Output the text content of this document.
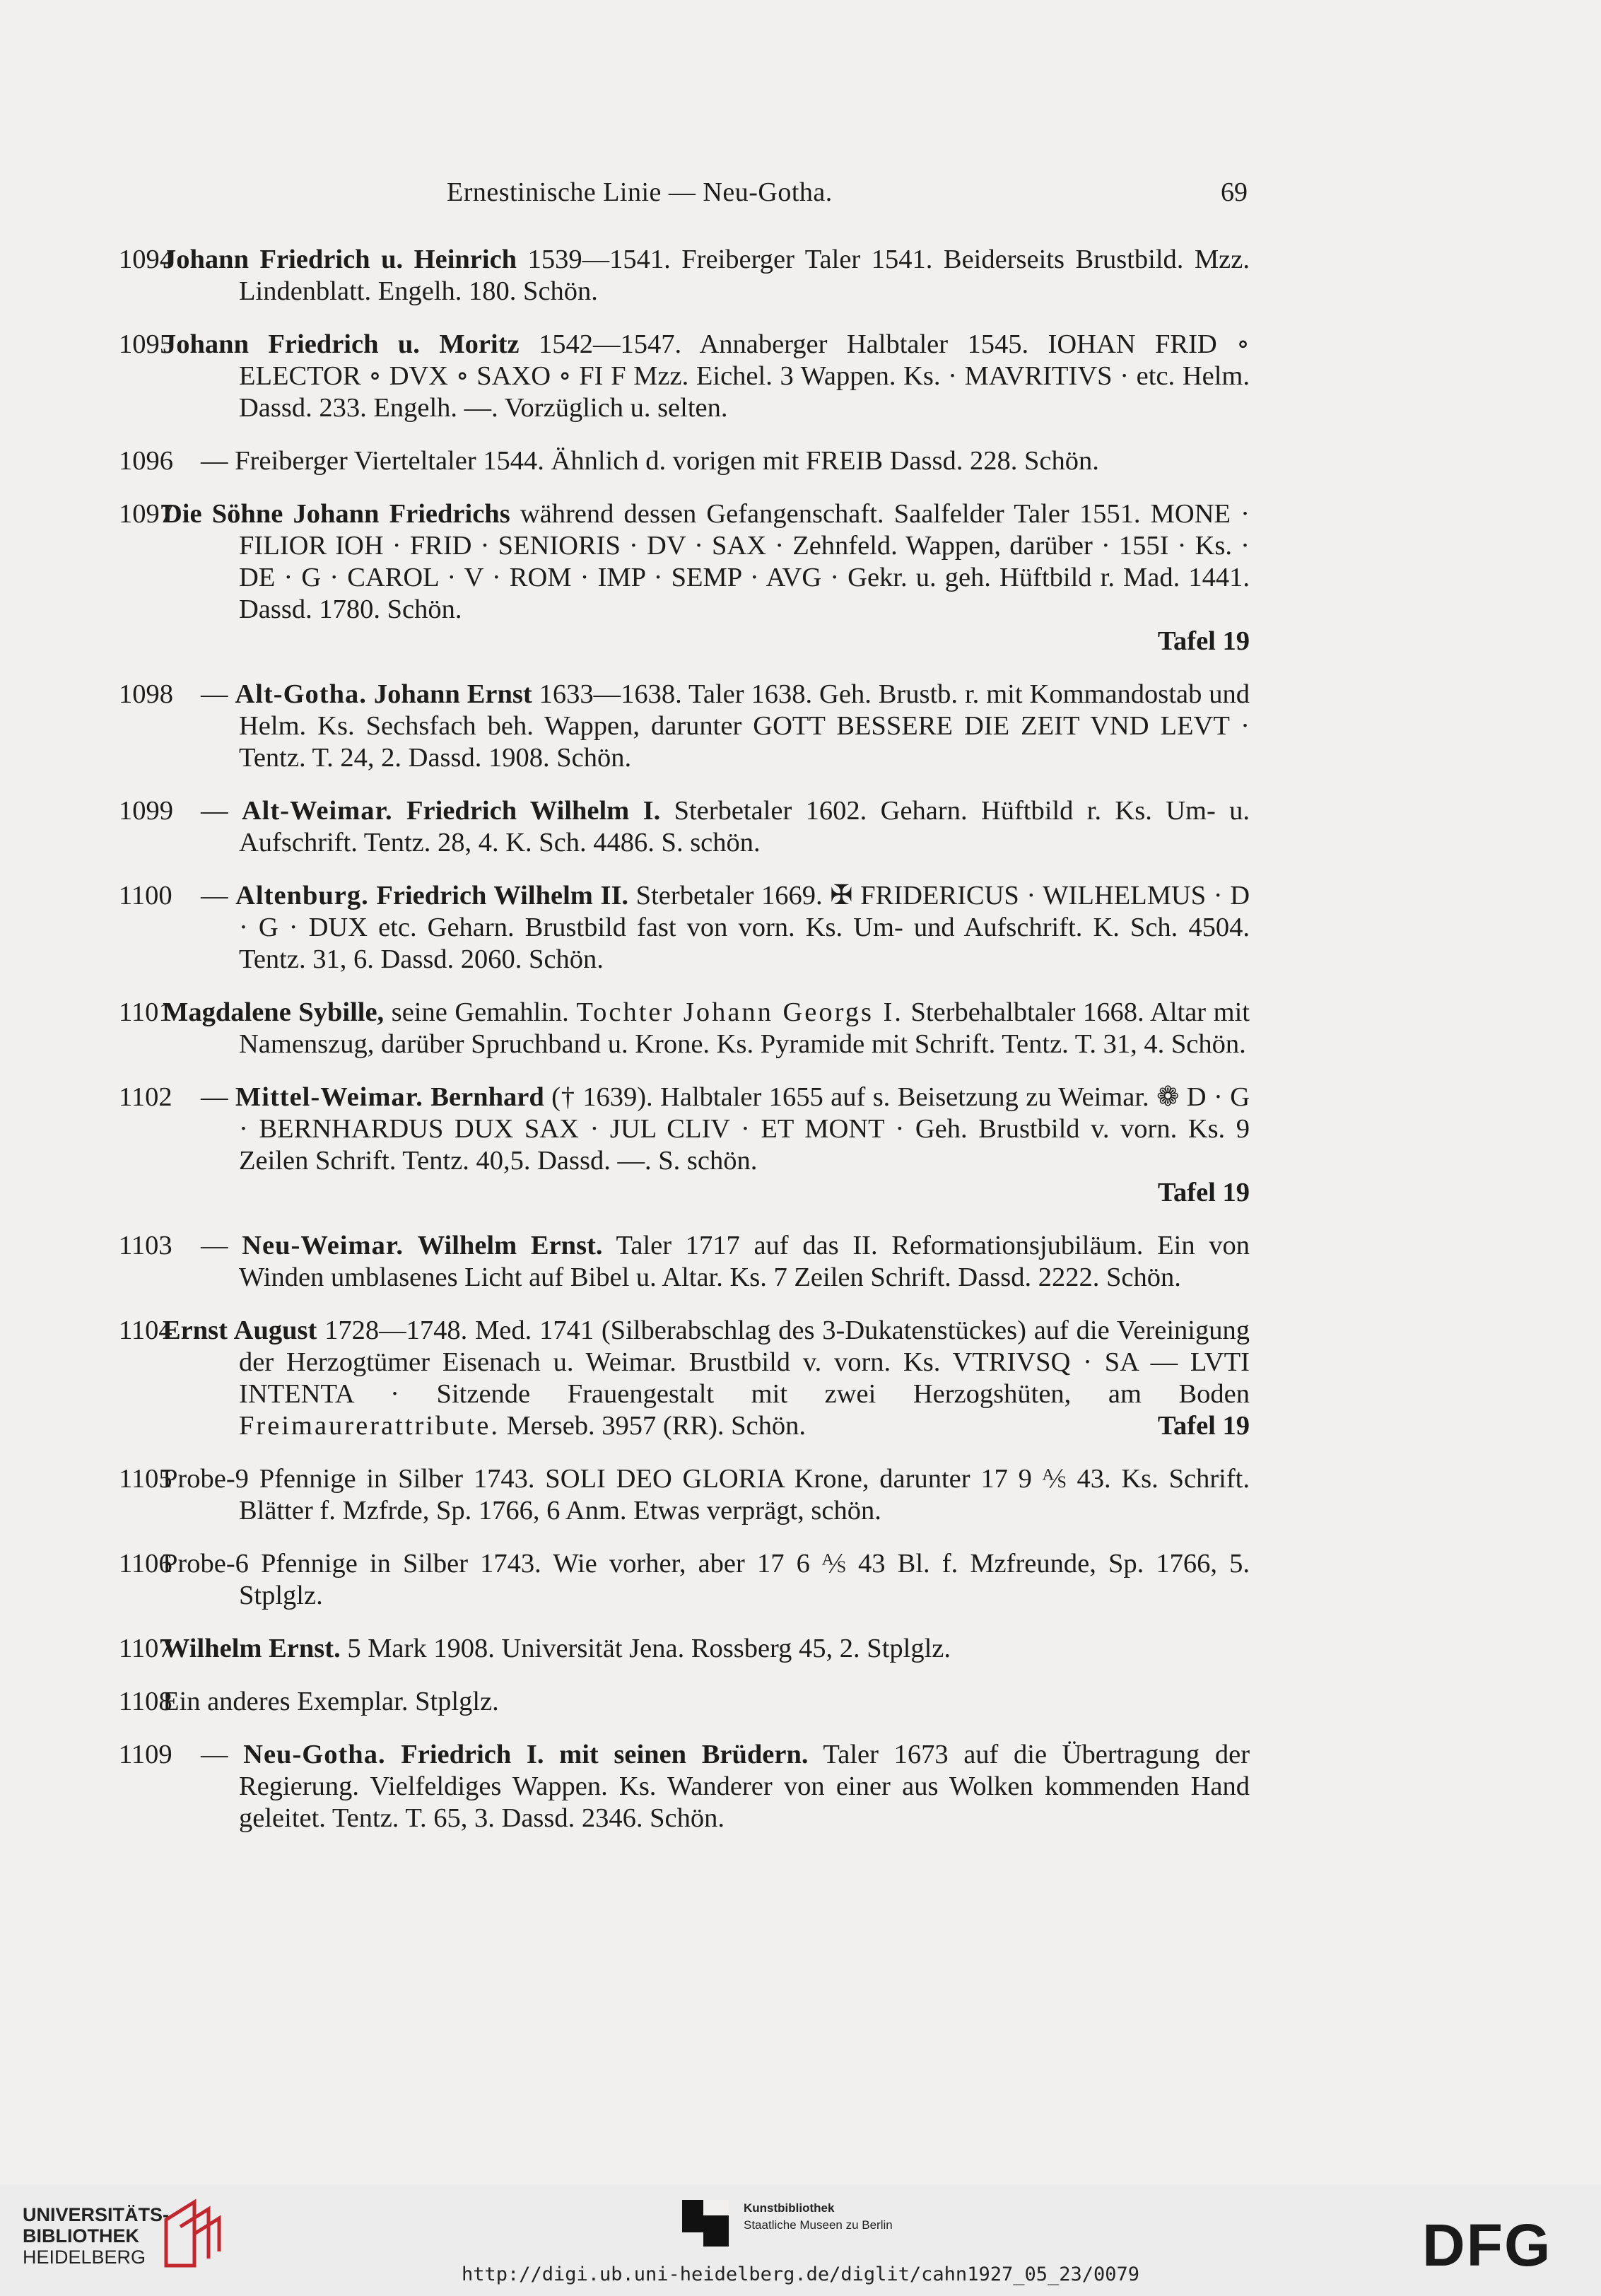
Ernestinische Linie — Neu-Gotha.	69
1094
Johann Friedrich u. Heinrich 1539—1541. Freiberger Taler 1541. Beiderseits Brustbild. Mzz. Lindenblatt. Engelh. 180. Schön.
1095
Johann Friedrich u. Moritz 1542—1547. Annaberger Halbtaler 1545. IOHAN FRID ∘ ELECTOR ∘ DVX ∘ SAXO ∘ FI F Mzz. Eichel. 3 Wappen. Ks. · MAVRITIVS · etc. Helm. Dassd. 233. Engelh. —. Vorzüglich u. selten.
1096 — Freiberger Vierteltaler 1544. Ähnlich d. vorigen mit FREIB Dassd. 228. Schön.
1097
Die Söhne Johann Friedrichs während dessen Gefangenschaft. Saalfelder Taler 1551. MONE · FILIOR IOH · FRID · SENIORIS · DV · SAX · Zehnfeld. Wappen, darüber · 155I · Ks. · DE · G · CAROL · V · ROM · IMP · SEMP · AVG · Gekr. u. geh. Hüftbild r. Mad. 1441. Dassd. 1780. Schön.
Tafel 19
1098 — Alt-Gotha. Johann Ernst 1633—1638. Taler 1638. Geh. Brustb. r. mit Kommandostab und Helm. Ks. Sechsfach beh. Wappen, darunter GOTT BESSERE DIE ZEIT VND LEVT · Tentz. T. 24, 2. Dassd. 1908. Schön.
1099 — Alt-Weimar. Friedrich Wilhelm I. Sterbetaler 1602. Geharn. Hüftbild r. Ks. Um- u. Aufschrift. Tentz. 28, 4. K. Sch. 4486. S. schön.
1100 — Altenburg. Friedrich Wilhelm II. Sterbetaler 1669. ✠ FRIDERICUS · WILHELMUS · D · G · DUX etc. Geharn. Brustbild fast von vorn. Ks. Um- und Aufschrift. K. Sch. 4504. Tentz. 31, 6. Dassd. 2060. Schön.
1101
Magdalene Sybille, seine Gemahlin. Tochter Johann Georgs I. Sterbehalbtaler 1668. Altar mit Namenszug, darüber Spruchband u. Krone. Ks. Pyramide mit Schrift. Tentz. T. 31, 4. Schön.
1102 — Mittel-Weimar. Bernhard († 1639). Halbtaler 1655 auf s. Beisetzung zu Weimar. ❁ D · G · BERNHARDUS DUX SAX · JUL CLIV · ET MONT · Geh. Brustbild v. vorn. Ks. 9 Zeilen Schrift. Tentz. 40,5. Dassd. —. S. schön.
Tafel 19
1103 — Neu-Weimar. Wilhelm Ernst. Taler 1717 auf das II. Reformationsjubiläum. Ein von Winden umblasenes Licht auf Bibel u. Altar. Ks. 7 Zeilen Schrift. Dassd. 2222. Schön.
1104
Ernst August 1728—1748. Med. 1741 (Silberabschlag des 3-Dukatenstückes) auf die Vereinigung der Herzogtümer Eisenach u. Weimar. Brustbild v. vorn. Ks. VTRIVSQ · SA — LVTI INTENTA · Sitzende Frauengestalt mit zwei Herzogshüten, am Boden Freimaurerattribute. Merseb. 3957 (RR). Schön.	Tafel 19
1105
Probe-9 Pfennige in Silber 1743. SOLI DEO GLORIA Krone, darunter 17 9 ⅍ 43. Ks. Schrift. Blätter f. Mzfrde, Sp. 1766, 6 Anm. Etwas verprägt, schön.
1106
Probe-6 Pfennige in Silber 1743. Wie vorher, aber 17 6 ⅍ 43 Bl. f. Mzfreunde, Sp. 1766, 5. Stplglz.
1107
Wilhelm Ernst. 5 Mark 1908. Universität Jena. Rossberg 45, 2. Stplglz.
1108
Ein anderes Exemplar. Stplglz.
1109 — Neu-Gotha. Friedrich I. mit seinen Brüdern. Taler 1673 auf die Übertragung der Regierung. Vielfeldiges Wappen. Ks. Wanderer von einer aus Wolken kommenden Hand geleitet. Tentz. T. 65, 3. Dassd. 2346. Schön.
UNIVERSITÄTS-
BIBLIOTHEK
HEIDELBERG
Kunstbibliothek
Staatliche Museen zu Berlin	DFG
http://digi.ub.uni-heidelberg.de/diglit/cahn1927_05_23/0079
